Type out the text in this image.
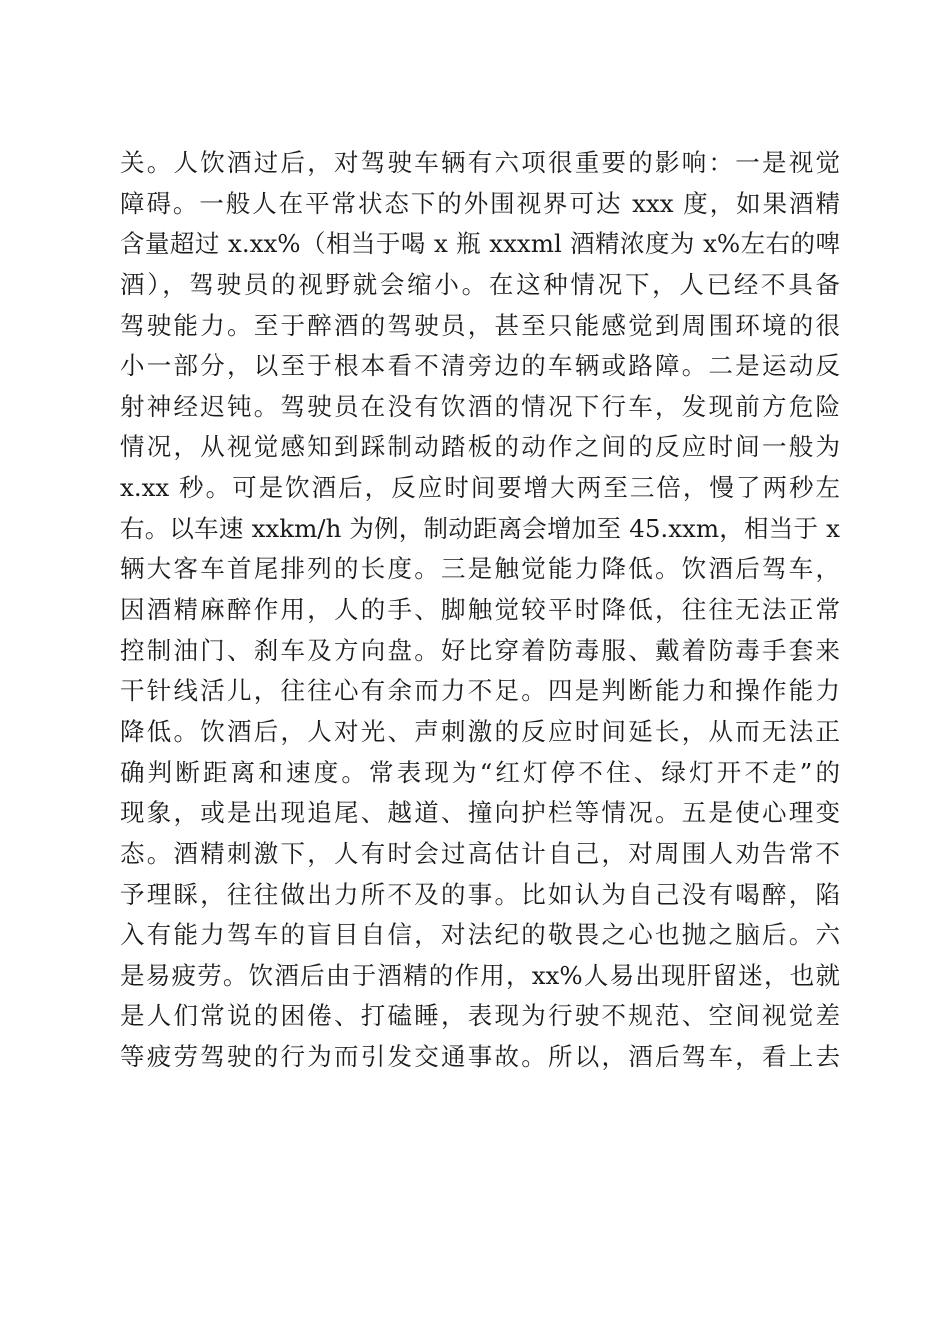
关。人饮酒过后，对驾驶车辆有六项很重要的影响：一是视觉
障碍。一般人在平常状态下的外围视界可达 xxx 度，如果酒精
含量超过 x.xx%（相当于喝 x 瓶 xxxml 酒精浓度为 x%左右的啤
酒），驾驶员的视野就会缩小。在这种情况下，人已经不具备
驾驶能力。至于醉酒的驾驶员，甚至只能感觉到周围环境的很
小一部分，以至于根本看不清旁边的车辆或路障。二是运动反
射神经迟钝。驾驶员在没有饮酒的情况下行车，发现前方危险
情况，从视觉感知到踩制动踏板的动作之间的反应时间一般为
x.xx 秒。可是饮酒后，反应时间要增大两至三倍，慢了两秒左
右。以车速 xxkm/h 为例，制动距离会增加至 45.xxm，相当于 x
辆大客车首尾排列的长度。三是触觉能力降低。饮酒后驾车，
因酒精麻醉作用，人的手、脚触觉较平时降低，往往无法正常
控制油门、刹车及方向盘。好比穿着防毒服、戴着防毒手套来
干针线活儿，往往心有余而力不足。四是判断能力和操作能力
降低。饮酒后，人对光、声刺激的反应时间延长，从而无法正
确判断距离和速度。常表现为“红灯停不住、绿灯开不走”的
现象，或是出现追尾、越道、撞向护栏等情况。五是使心理变
态。酒精刺激下，人有时会过高估计自己，对周围人劝告常不
予理睬，往往做出力所不及的事。比如认为自己没有喝醉，陷
入有能力驾车的盲目自信，对法纪的敬畏之心也抛之脑后。六
是易疲劳。饮酒后由于酒精的作用，xx%人易出现肝留迷，也就
是人们常说的困倦、打磕睡，表现为行驶不规范、空间视觉差
等疲劳驾驶的行为而引发交通事故。所以，酒后驾车，看上去
